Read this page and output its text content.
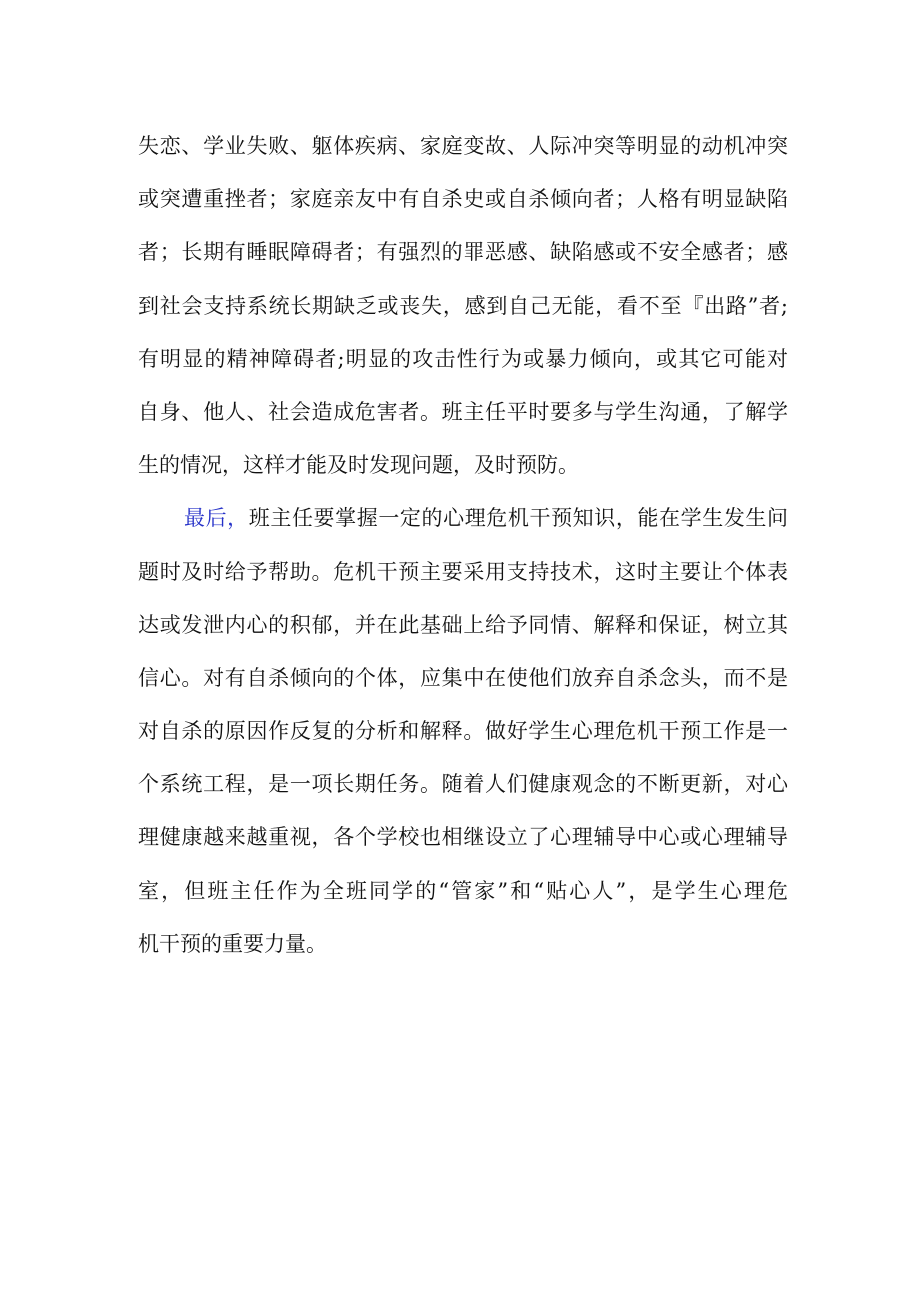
失恋、学业失败、躯体疾病、家庭变故、人际冲突等明显的动机冲突
或突遭重挫者；家庭亲友中有自杀史或自杀倾向者；人格有明显缺陷
者；长期有睡眠障碍者；有强烈的罪恶感、缺陷感或不安全感者；感
到社会支持系统长期缺乏或丧失，感到自己无能，看不至『出路”者;
有明显的精神障碍者;明显的攻击性行为或暴力倾向，或其它可能对
自身、他人、社会造成危害者。班主任平时要多与学生沟通，了解学
生的情况，这样才能及时发现问题，及时预防。
最后，班主任要掌握一定的心理危机干预知识，能在学生发生问
题时及时给予帮助。危机干预主要采用支持技术，这时主要让个体表
达或发泄内心的积郁，并在此基础上给予同情、解释和保证，树立其
信心。对有自杀倾向的个体，应集中在使他们放弃自杀念头，而不是
对自杀的原因作反复的分析和解释。做好学生心理危机干预工作是一
个系统工程，是一项长期任务。随着人们健康观念的不断更新，对心
理健康越来越重视，各个学校也相继设立了心理辅导中心或心理辅导
室，但班主任作为全班同学的“管家”和“贴心人”，是学生心理危
机干预的重要力量。
